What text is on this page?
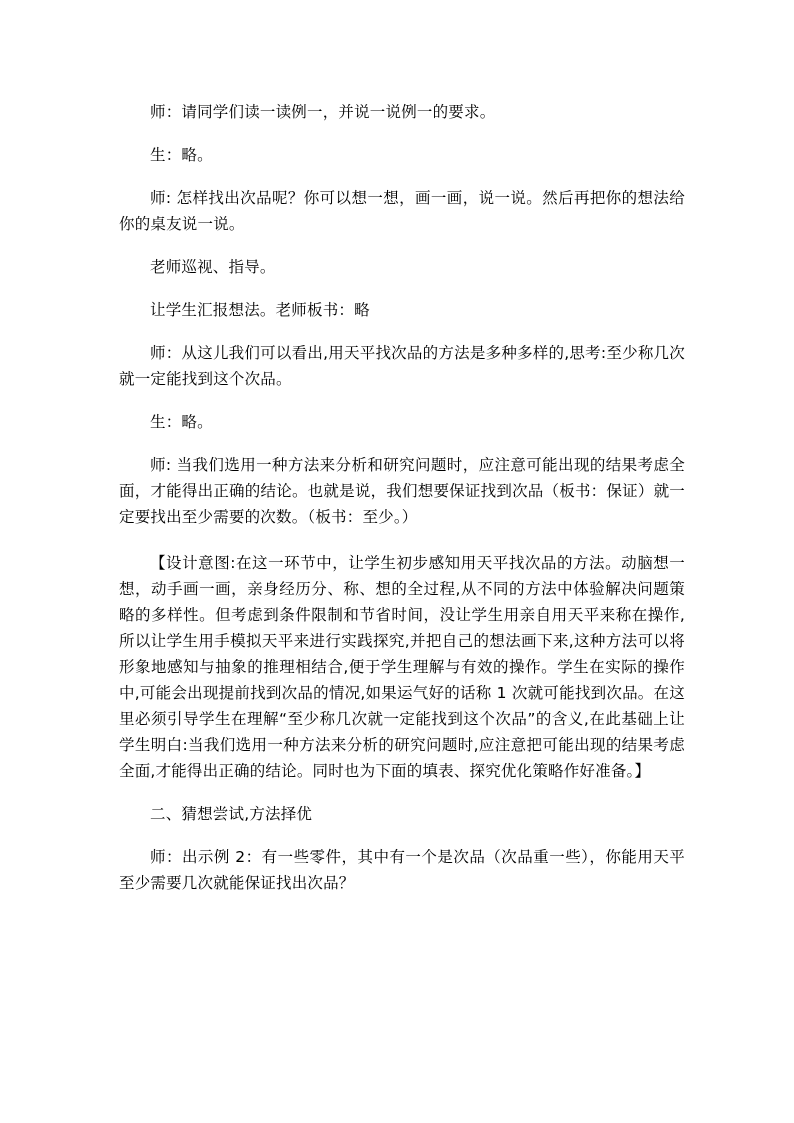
师：请同学们读一读例一，并说一说例一的要求。

生：略。

师: 怎样找出次品呢？你可以想一想，画一画，说一说。然后再把你的想法给你的桌友说一说。

老师巡视、指导。

让学生汇报想法。老师板书：略

师：从这儿我们可以看出,用天平找次品的方法是多种多样的,思考:至少称几次就一定能找到这个次品。

生：略。

师: 当我们选用一种方法来分析和研究问题时，应注意可能出现的结果考虑全面，才能得出正确的结论。也就是说，我们想要保证找到次品（板书：保证）就一定要找出至少需要的次数。（板书：至少。）

【设计意图:在这一环节中，让学生初步感知用天平找次品的方法。动脑想一想，动手画一画，亲身经历分、称、想的全过程,从不同的方法中体验解决问题策略的多样性。但考虑到条件限制和节省时间，没让学生用亲自用天平来称在操作,所以让学生用手模拟天平来进行实践探究,并把自己的想法画下来,这种方法可以将形象地感知与抽象的推理相结合,便于学生理解与有效的操作。学生在实际的操作中,可能会出现提前找到次品的情况,如果运气好的话称 1 次就可能找到次品。在这里必须引导学生在理解“至少称几次就一定能找到这个次品”的含义,在此基础上让学生明白:当我们选用一种方法来分析的研究问题时,应注意把可能出现的结果考虑全面,才能得出正确的结论。同时也为下面的填表、探究优化策略作好准备。】

二、猜想尝试,方法择优

师：出示例 2：有一些零件，其中有一个是次品（次品重一些），你能用天平至少需要几次就能保证找出次品？
